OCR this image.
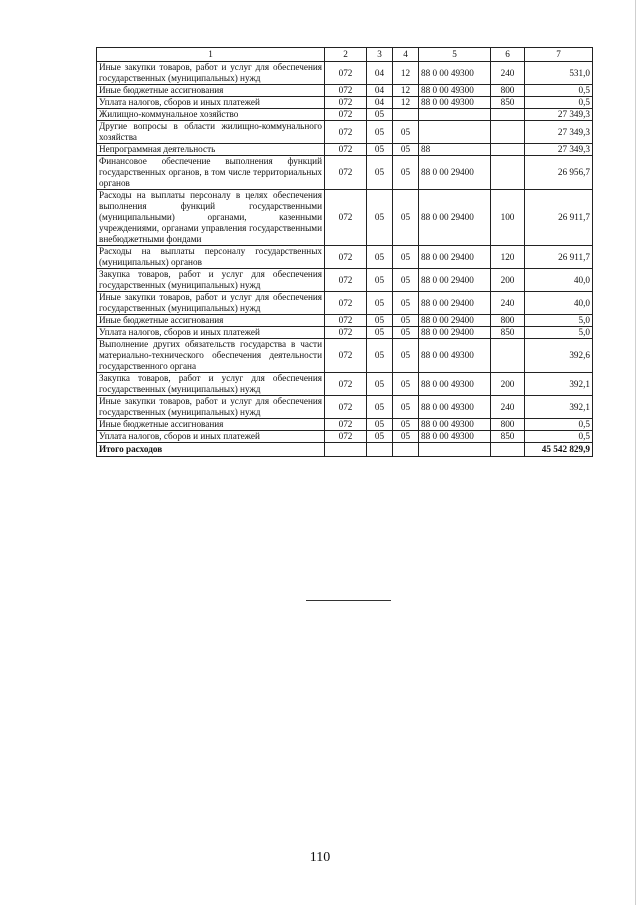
1	2	3	4	5	6	7
Иные закупки товаров, работ и услуг для обеспечения государственных (муниципальных) нужд	072	04	12	88 0 00 49300	240	531,0
Иные бюджетные ассигнования	072	04	12	88 0 00 49300	800	0,5
Уплата налогов, сборов и иных платежей	072	04	12	88 0 00 49300	850	0,5
Жилищно-коммунальное хозяйство	072	05				27 349,3
Другие вопросы в области жилищно-коммунального хозяйства	072	05	05			27 349,3
Непрограммная деятельность	072	05	05	88		27 349,3
Финансовое обеспечение выполнения функций государственных органов, в том числе территориальных органов	072	05	05	88 0 00 29400		26 956,7
Расходы на выплаты персоналу в целях обеспечения выполнения функций государственными (муниципальными) органами, казенными учреждениями, органами управления государственными внебюджетными фондами	072	05	05	88 0 00 29400	100	26 911,7
Расходы на выплаты персоналу государственных (муниципальных) органов	072	05	05	88 0 00 29400	120	26 911,7
Закупка товаров, работ и услуг для обеспечения государственных (муниципальных) нужд	072	05	05	88 0 00 29400	200	40,0
Иные закупки товаров, работ и услуг для обеспечения государственных (муниципальных) нужд	072	05	05	88 0 00 29400	240	40,0
Иные бюджетные ассигнования	072	05	05	88 0 00 29400	800	5,0
Уплата налогов, сборов и иных платежей	072	05	05	88 0 00 29400	850	5,0
Выполнение других обязательств государства в части материально-технического обеспечения деятельности государственного органа	072	05	05	88 0 00 49300		392,6
Закупка товаров, работ и услуг для обеспечения государственных (муниципальных) нужд	072	05	05	88 0 00 49300	200	392,1
Иные закупки товаров, работ и услуг для обеспечения государственных (муниципальных) нужд	072	05	05	88 0 00 49300	240	392,1
Иные бюджетные ассигнования	072	05	05	88 0 00 49300	800	0,5
Уплата налогов, сборов и иных платежей	072	05	05	88 0 00 49300	850	0,5
Итого расходов						45 542 829,9
110
